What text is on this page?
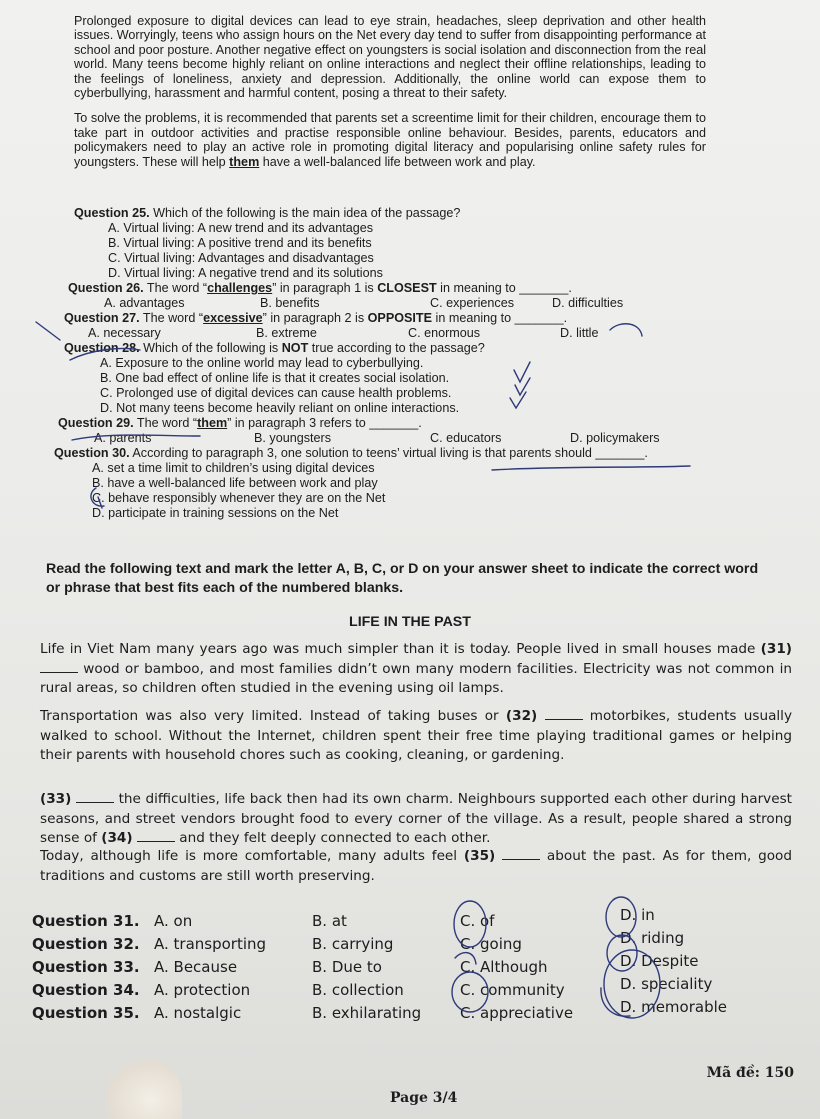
Prolonged exposure to digital devices can lead to eye strain, headaches, sleep deprivation and other health issues. Worryingly, teens who assign hours on the Net every day tend to suffer from disappointing performance at school and poor posture. Another negative effect on youngsters is social isolation and disconnection from the real world. Many teens become highly reliant on online interactions and neglect their offline relationships, leading to the feelings of loneliness, anxiety and depression. Additionally, the online world can expose them to cyberbullying, harassment and harmful content, posing a threat to their safety.

To solve the problems, it is recommended that parents set a screentime limit for their children, encourage them to take part in outdoor activities and practise responsible online behaviour. Besides, parents, educators and policymakers need to play an active role in promoting digital literacy and popularising online safety rules for youngsters. These will help them have a well-balanced life between work and play.

Question 25. Which of the following is the main idea of the passage?
A. Virtual living: A new trend and its advantages
B. Virtual living: A positive trend and its benefits
C. Virtual living: Advantages and disadvantages
D. Virtual living: A negative trend and its solutions
Question 26. The word “challenges” in paragraph 1 is CLOSEST in meaning to _______.
A. advantages	B. benefits	C. experiences	D. difficulties
Question 27. The word “excessive” in paragraph 2 is OPPOSITE in meaning to _______.
A. necessary	B. extreme	C. enormous	D. little
Question 28. Which of the following is NOT true according to the passage?
A. Exposure to the online world may lead to cyberbullying.
B. One bad effect of online life is that it creates social isolation.
C. Prolonged use of digital devices can cause health problems.
D. Not many teens become heavily reliant on online interactions.
Question 29. The word “them” in paragraph 3 refers to _______.
A. parents	B. youngsters	C. educators	D. policymakers
Question 30. According to paragraph 3, one solution to teens’ virtual living is that parents should _______.
A. set a time limit to children’s using digital devices
B. have a well-balanced life between work and play
C. behave responsibly whenever they are on the Net
D. participate in training sessions on the Net
Read the following text and mark the letter A, B, C, or D on your answer sheet to indicate the correct word or phrase that best fits each of the numbered blanks.
LIFE IN THE PAST
Life in Viet Nam many years ago was much simpler than it is today. People lived in small houses made (31)  wood or bamboo, and most families didn’t own many modern facilities. Electricity was not common in rural areas, so children often studied in the evening using oil lamps.
Transportation was also very limited. Instead of taking buses or (32)	motorbikes, students usually walked to school. Without the Internet, children spent their free time playing traditional games or helping their parents with household chores such as cooking, cleaning, or gardening.
(33)	the difficulties, life back then had its own charm. Neighbours supported each other during harvest seasons, and street vendors brought food to every corner of the village. As a result, people shared a strong sense of (34)	and they felt deeply connected to each other.
Today, although life is more comfortable, many adults feel (35)	about the past. As for them, good traditions and customs are still worth preserving.
Question 31. A. on	B. at	C. of	D. in
Question 32. A. transporting	B. carrying	C. going	D. riding
Question 33. A. Because	B. Due to	C. Although	D. Despite
Question 34. A. protection	B. collection	C. community	D. speciality
Question 35. A. nostalgic	B. exhilarating	C. appreciative	D. memorable
Mã đề: 150
Page 3/4
